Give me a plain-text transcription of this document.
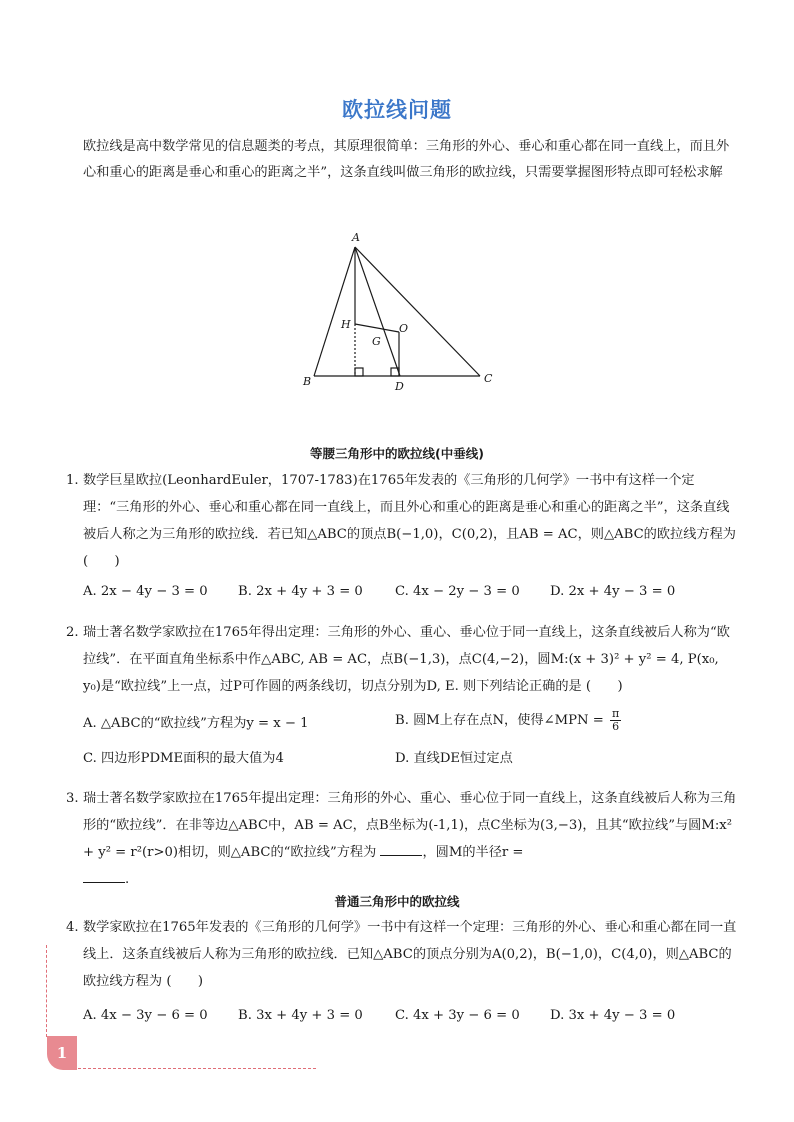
欧拉线问题
欧拉线是高中数学常见的信息题类的考点，其原理很简单：三角形的外心、垂心和重心都在同一直线上，而且外心和重心的距离是垂心和重心的距离之半”，这条直线叫做三角形的欧拉线，只需要掌握图形特点即可轻松求解
A
B	C
D
H
G
O
等腰三角形中的欧拉线(中垂线)
1. 数学巨星欧拉(LeonhardEuler，1707-1783)在1765年发表的《三角形的几何学》一书中有这样一个定理：“三角形的外心、垂心和重心都在同一直线上，而且外心和重心的距离是垂心和重心的距离之半”，这条直线被后人称之为三角形的欧拉线．若已知△ABC的顶点B(−1,0)，C(0,2)，且AB = AC，则△ABC的欧拉线方程为 (　　)
A. 2x − 4y − 3 = 0 B. 2x + 4y + 3 = 0 C. 4x − 2y − 3 = 0 D. 2x + 4y − 3 = 0
2. 瑞士著名数学家欧拉在1765年得出定理：三角形的外心、重心、垂心位于同一直线上，这条直线被后人称为“欧拉线”．在平面直角坐标系中作△ABC, AB = AC，点B(−1,3)，点C(4,−2)，圆M:(x + 3)² + y² = 4, P(x₀, y₀)是“欧拉线”上一点，过P可作圆的两条线切，切点分别为D, E. 则下列结论正确的是 (　　)
A. △ABC的“欧拉线”方程为y = x − 1	B. 圆M上存在点N，使得∠MPN = $\frac{\pi}{6}$
C. 四边形PDME面积的最大值为4	D. 直线DE恒过定点
3. 瑞士著名数学家欧拉在1765年提出定理：三角形的外心、重心、垂心位于同一直线上，这条直线被后人称为三角形的“欧拉线”．在非等边△ABC中，AB = AC，点B坐标为(-1,1)，点C坐标为(3,−3)，且其“欧拉线”与圆M:x² + y² = r²(r>0)相切，则△ABC的“欧拉线”方程为	，圆M的半径r =
.
普通三角形中的欧拉线
4. 数学家欧拉在1765年发表的《三角形的几何学》一书中有这样一个定理：三角形的外心、垂心和重心都在同一直线上．这条直线被后人称为三角形的欧拉线．已知△ABC的顶点分别为A(0,2)，B(−1,0)，C(4,0)，则△ABC的欧拉线方程为 (　　)
A. 4x − 3y − 6 = 0 B. 3x + 4y + 3 = 0 C. 4x + 3y − 6 = 0 D. 3x + 4y − 3 = 0
1
